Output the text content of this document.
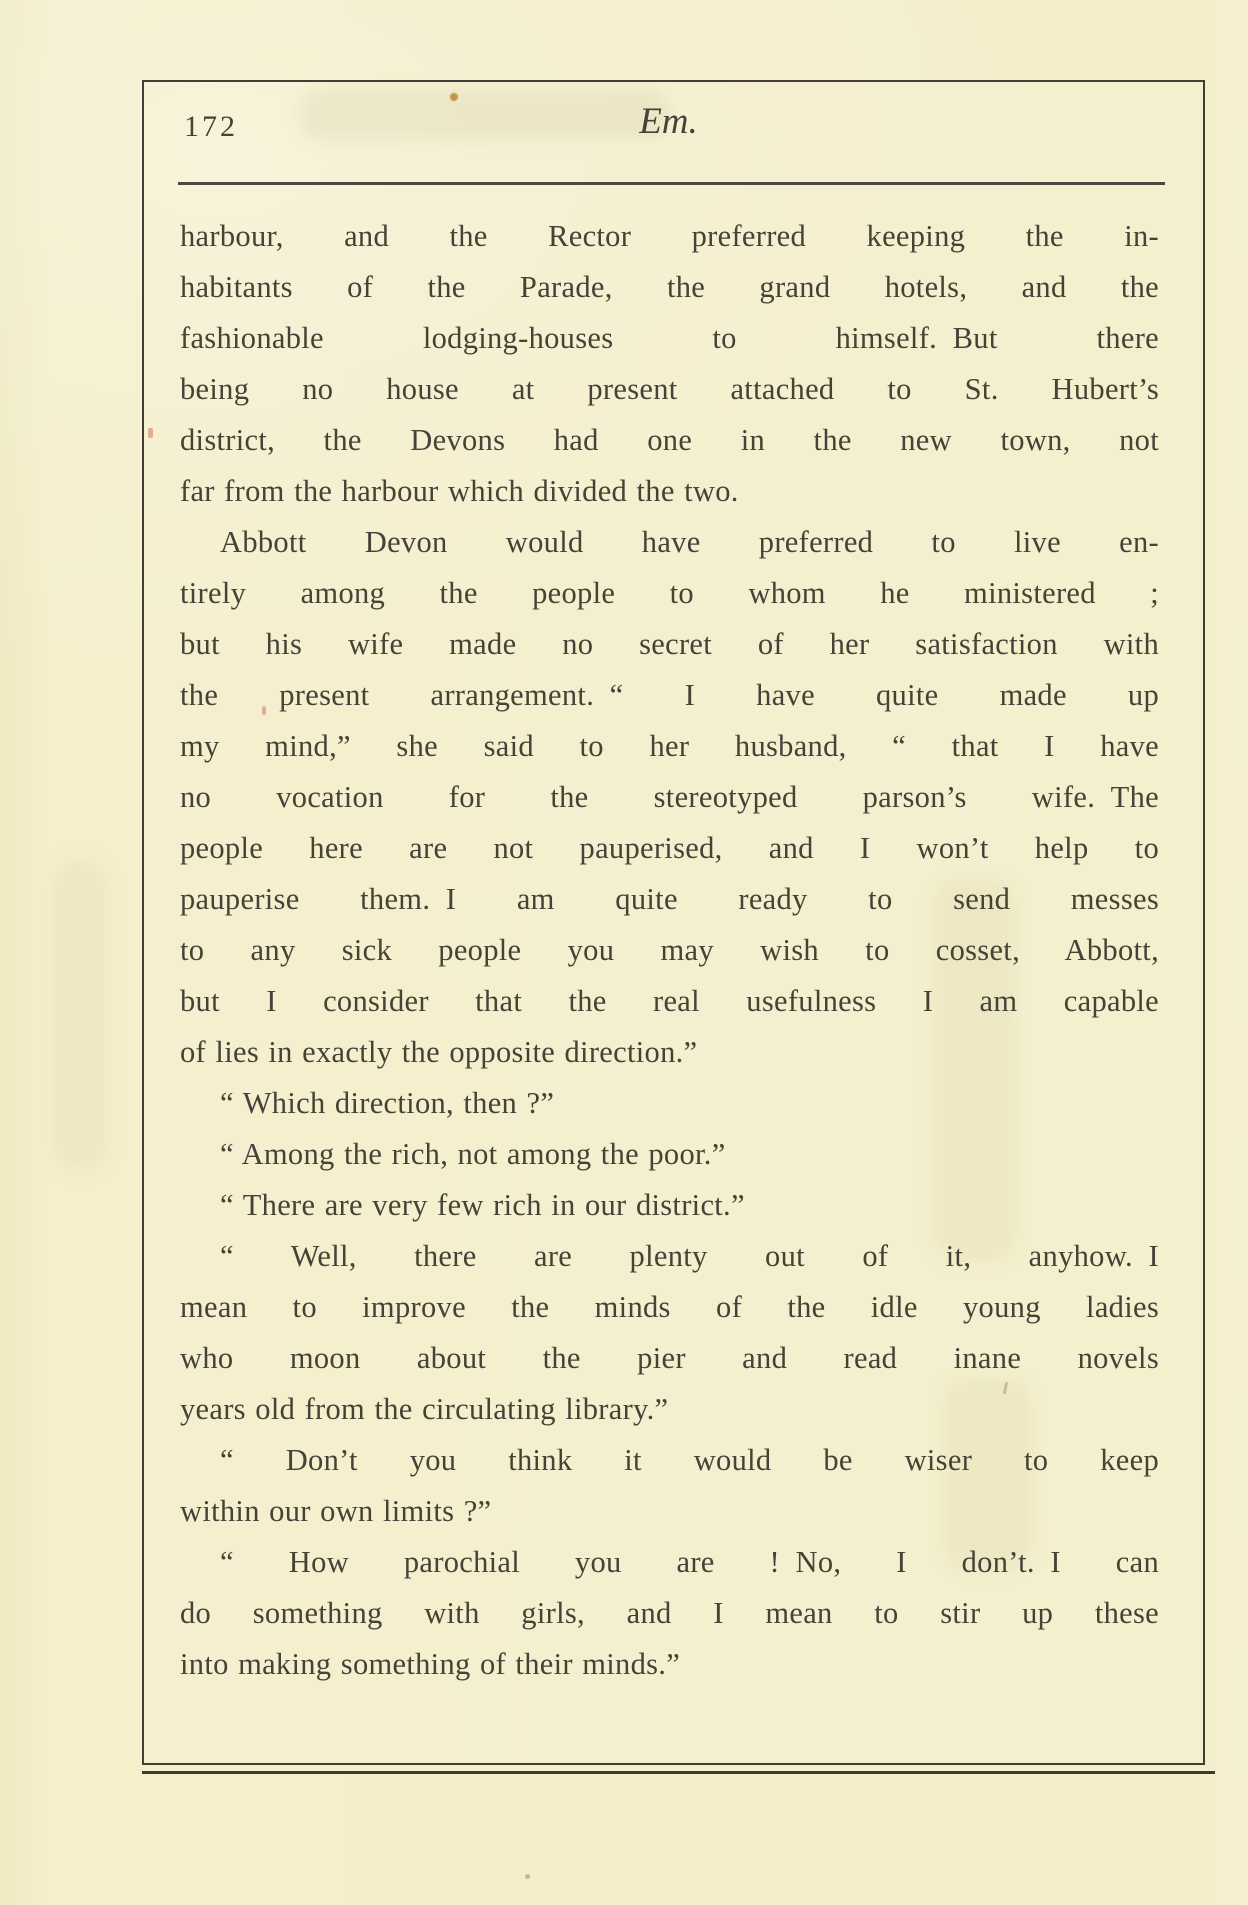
172	Em.
harbour, and the Rector preferred keeping the in-
habitants of the Parade, the grand hotels, and the
fashionable lodging-houses to himself. But there
being no house at present attached to St. Hubert’s
district, the Devons had one in the new town, not
far from the harbour which divided the two.
Abbott Devon would have preferred to live en-
tirely among the people to whom he ministered ;
but his wife made no secret of her satisfaction with
the present arrangement. “ I have quite made up
my mind,” she said to her husband, “ that I have
no vocation for the stereotyped parson’s wife. The
people here are not pauperised, and I won’t help to
pauperise them. I am quite ready to send messes
to any sick people you may wish to cosset, Abbott,
but I consider that the real usefulness I am capable
of lies in exactly the opposite direction.”
“ Which direction, then ?”
“ Among the rich, not among the poor.”
“ There are very few rich in our district.”
“ Well, there are plenty out of it, anyhow. I
mean to improve the minds of the idle young ladies
who moon about the pier and read inane novels
years old from the circulating library.”
“ Don’t you think it would be wiser to keep
within our own limits ?”
“ How parochial you are ! No, I don’t. I can
do something with girls, and I mean to stir up these
into making something of their minds.”
